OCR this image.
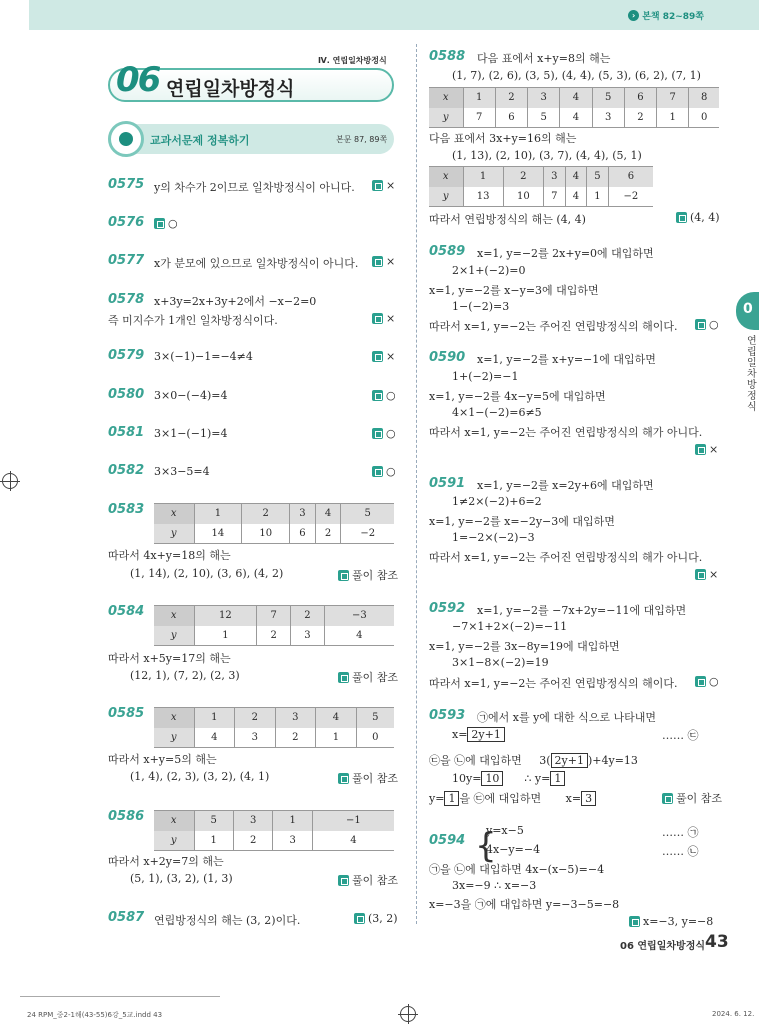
› 본책 82~89쪽
0
연립일차방정식
Ⅳ. 연립일차방정식
06 연립일차방정식
교과서문제 정복하기	본문 87, 89쪽
0575 y의 차수가 2이므로 일차방정식이 아니다.	×
0576 ○
0577 x가 분모에 있으므로 일차방정식이 아니다.	×
0578 x+3y=2x+3y+2에서 −x−2=0
즉 미지수가 1개인 일차방정식이다.	×
0579 3×(−1)−1=−4≠4	×
0580 3×0−(−4)=4	○
0581 3×1−(−1)=4	○
0582 3×3−5=4	○
0583	x	1	2	3	4	5
y	14	10	6	2	−2
따라서 4x+y=18의 해는
(1, 14), (2, 10), (3, 6), (4, 2)	풀이 참조
0584	x	12	7	2	−3
y	1	2	3	4
따라서 x+5y=17의 해는
(12, 1), (7, 2), (2, 3)	풀이 참조
0585	x	1	2	3	4	5
y	4	3	2	1	0
따라서 x+y=5의 해는
(1, 4), (2, 3), (3, 2), (4, 1)	풀이 참조
0586	x	5	3	1	−1
y	1	2	3	4
따라서 x+2y=7의 해는
(5, 1), (3, 2), (1, 3)	풀이 참조
0587 연립방정식의 해는 (3, 2)이다.	(3, 2)
0588 다음 표에서 x+y=8의 해는
(1, 7), (2, 6), (3, 5), (4, 4), (5, 3), (6, 2), (7, 1)
x	1	2	3	4	5	6	7	8
y	7	6	5	4	3	2	1	0
다음 표에서 3x+y=16의 해는
(1, 13), (2, 10), (3, 7), (4, 4), (5, 1)
x	1	2	3	4	5	6
y	13	10	7	4	1	−2
따라서 연립방정식의 해는 (4, 4)	(4, 4)
0589 x=1, y=−2를 2x+y=0에 대입하면
2×1+(−2)=0
x=1, y=−2를 x−y=3에 대입하면
1−(−2)=3
따라서 x=1, y=−2는 주어진 연립방정식의 해이다.	○
0590 x=1, y=−2를 x+y=−1에 대입하면
1+(−2)=−1
x=1, y=−2를 4x−y=5에 대입하면
4×1−(−2)=6≠5
따라서 x=1, y=−2는 주어진 연립방정식의 해가 아니다.
×
0591 x=1, y=−2를 x=2y+6에 대입하면
1≠2×(−2)+6=2
x=1, y=−2를 x=−2y−3에 대입하면
1=−2×(−2)−3
따라서 x=1, y=−2는 주어진 연립방정식의 해가 아니다.
×
0592 x=1, y=−2를 −7x+2y=−11에 대입하면
−7×1+2×(−2)=−11
x=1, y=−2를 3x−8y=19에 대입하면
3×1−8×(−2)=19
따라서 x=1, y=−2는 주어진 연립방정식의 해이다.	○
0593 ㉠에서 x를 y에 대한 식으로 나타내면
x= 2y+1	…… ㉢
㉢을 ㉡에 대입하면 3( 2y+1 )+4y=13
10y= 10 ∴ y= 1
y= 1 을 ㉢에 대입하면 x= 3	풀이 참조
0594 {
y=x−5	…… ㉠
4x−y=−4	…… ㉡
㉠을 ㉡에 대입하면 4x−(x−5)=−4
3x=−9 ∴ x=−3
x=−3을 ㉠에 대입하면 y=−3−5=−8
x=−3, y=−8
06 연립일차방정식 43
24 RPM_중2-1해(43-55)6강_5교.indd 43	2024. 6. 12.
